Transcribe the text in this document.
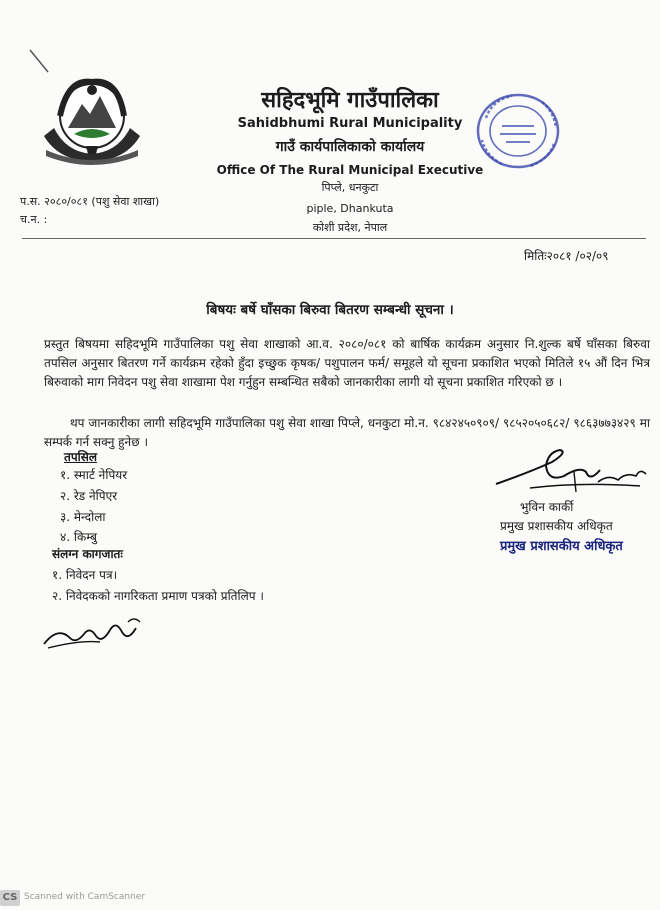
सहिदभूमि गाउँपालिका
Sahidbhumi Rural Municipality
गाउँ कार्यपालिकाको कार्यालय
Office Of The Rural Municipal Executive
पिप्ले, धनकुटा
piple, Dhankuta
कोशी प्रदेश, नेपाल
प.स. २०८०/०८१ (पशु सेवा शाखा)
च.न. :
मितिः२०८१ /०२/०९
बिषयः बर्षे घाँसका बिरुवा बितरण सम्बन्धी सूचना ।
प्रस्तुत बिषयमा सहिदभूमि गाउँपालिका पशु सेवा शाखाको आ.व. २०८०/०८१ को बार्षिक कार्यक्रम अनुसार नि.शुल्क बर्षे घाँसका बिरुवा तपसिल अनुसार बितरण गर्ने कार्यक्रम रहेको हुँदा इच्छुक कृषक/ पशुपालन फर्म/ समूहले यो सूचना प्रकाशित भएको मितिले १५ औं दिन भित्र बिरुवाको माग निवेदन पशु सेवा शाखामा पेश गर्नुहुन सम्बन्धित सबैको जानकारीका लागी यो सूचना प्रकाशित गरिएको छ ।
थप जानकारीका लागी सहिदभूमि गाउँपालिका पशु सेवा शाखा पिप्ले, धनकुटा मो.न. ९८४२४५०९०९/ ९८५२०५०६८२/ ९८६३७७३४२९ मा सम्पर्क गर्न सक्नु हुनेछ ।
तपसिल
१. स्मार्ट नेपियर
२. रेड नेपिएर
३. मेन्दोला
४. किम्बु
संलग्न कागजातः
१. निवेदन पत्र।
२. निवेदकको नागरिकता प्रमाण पत्रको प्रतिलिप ।
भुविन कार्की
प्रमुख प्रशासकीय अधिकृत
प्रमुख प्रशासकीय अधिकृत
CS Scanned with CamScanner
